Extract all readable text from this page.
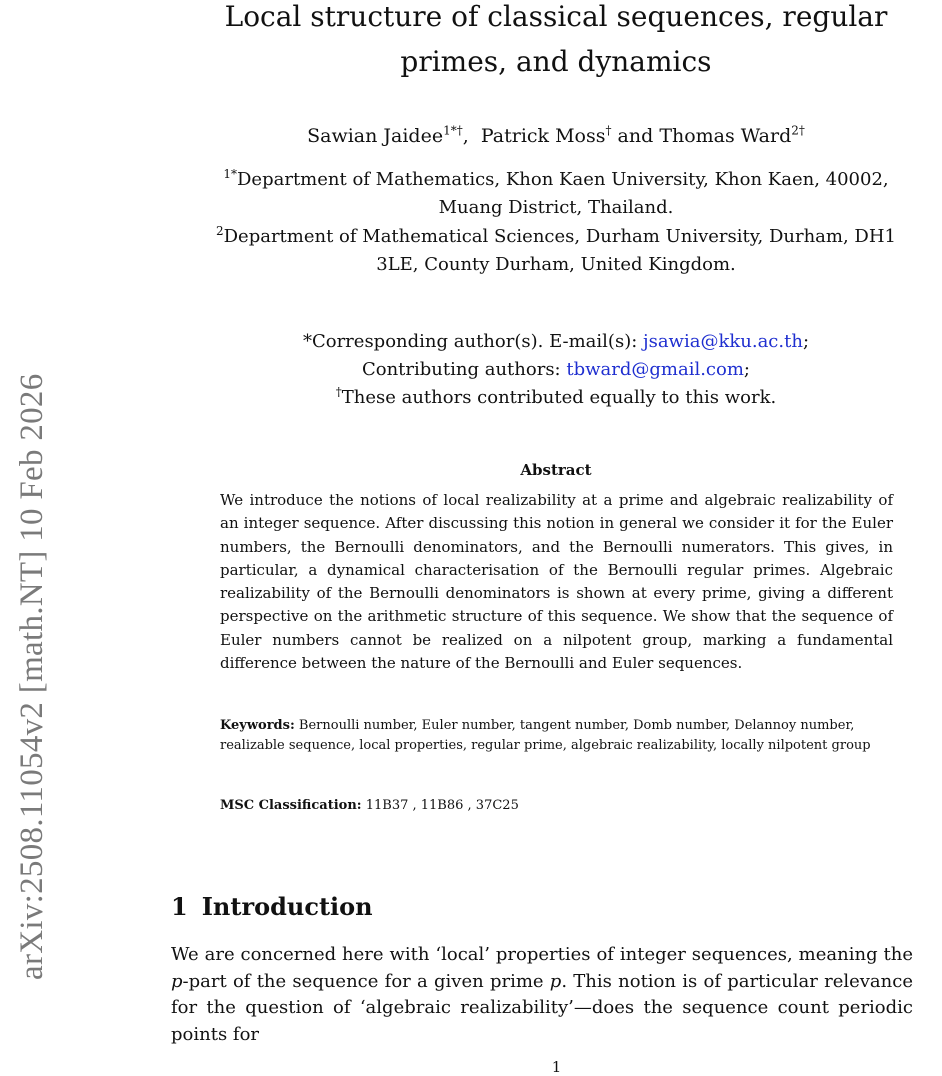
arXiv:2508.11054v2 [math.NT] 10 Feb 2026
Local structure of classical sequences, regular primes, and dynamics
Sawian Jaidee$^{1*\dagger}$,  Patrick Moss† and Thomas Ward$^{2\dagger}$

$^{1*}$Department of Mathematics, Khon Kaen University, Khon Kaen, 40002, Muang District, Thailand.

$^2$Department of Mathematical Sciences, Durham University, Durham, DH1 3LE, County Durham, United Kingdom.

*Corresponding author(s). E-mail(s): jsawia@kku.ac.th;
Contributing authors: tbward@gmail.com;
†These authors contributed equally to this work.
Abstract

We introduce the notions of local realizability at a prime and algebraic realizability of an integer sequence. After discussing this notion in general we consider it for the Euler numbers, the Bernoulli denominators, and the Bernoulli numerators. This gives, in particular, a dynamical characterisation of the Bernoulli regular primes. Algebraic realizability of the Bernoulli denominators is shown at every prime, giving a different perspective on the arithmetic structure of this sequence. We show that the sequence of Euler numbers cannot be realized on a nilpotent group, marking a fundamental difference between the nature of the Bernoulli and Euler sequences.

Keywords: Bernoulli number, Euler number, tangent number, Domb number, Delannoy number, realizable sequence, local properties, regular prime, algebraic realizability, locally nilpotent group

MSC Classification: 11B37 , 11B86 , 37C25

1 Introduction

We are concerned here with ‘local’ properties of integer sequences, meaning the p-part of the sequence for a given prime p. This notion is of particular relevance for the question of ‘algebraic realizability’—does the sequence count periodic points for

1
